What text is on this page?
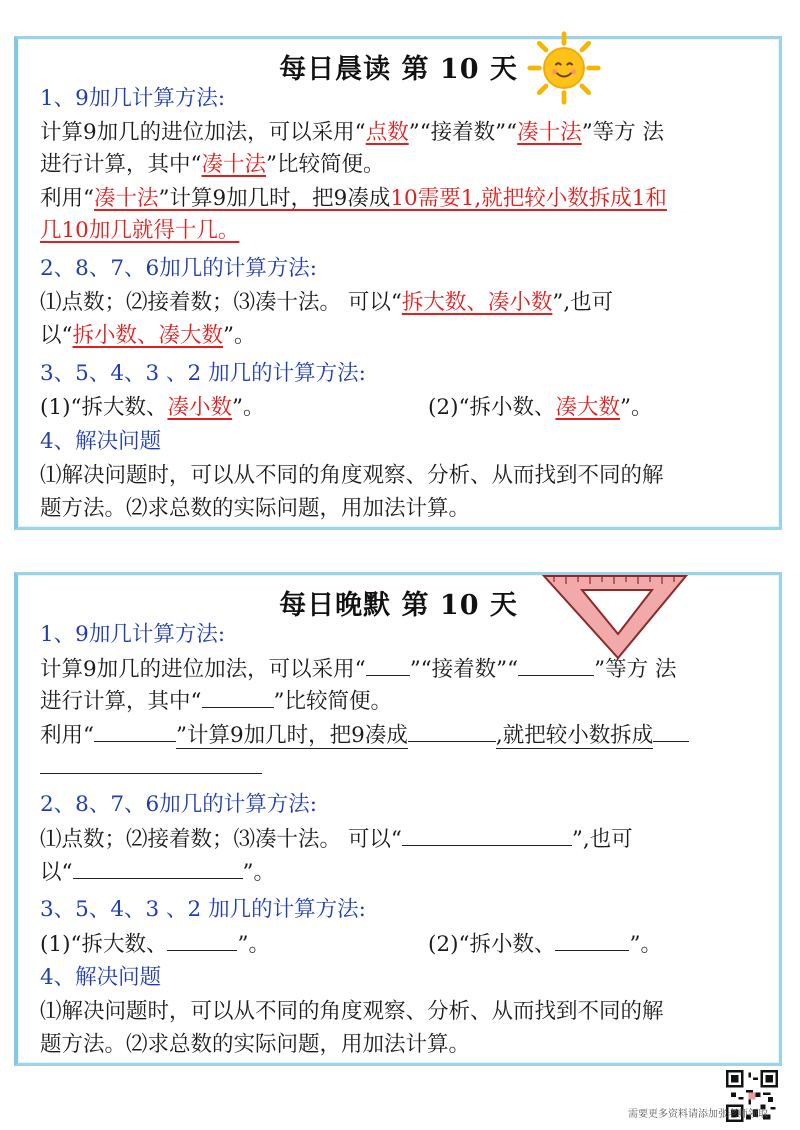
每日晨读 第 10 天
1、9加几计算方法:
计算9加几的进位加法，可以采用“点数”“接着数”“凑十法”等方 法
进行计算，其中“凑十法”比较简便。
利用“凑十法”计算9加几时，把9凑成10需要1,就把较小数拆成1和
几10加几就得十几。
2、8、7、6加几的计算方法:
⑴点数；⑵接着数；⑶凑十法。 可以“拆大数、凑小数”,也可
以“拆小数、凑大数”。
3、5、4、3 、2 加几的计算方法:
(1)“拆大数、凑小数”。	(2)“拆小数、凑大数”。
4、解决问题
⑴解决问题时，可以从不同的角度观察、分析、从而找到不同的解
题方法。⑵求总数的实际问题，用加法计算。
每日晚默 第 10 天
1、9加几计算方法:
计算9加几的进位加法，可以采用“ ”“接着数”“	”等方 法
进行计算，其中“	”比较简便。
利用“	”计算9加几时，把9凑成	,就把较小数拆成
2、8、7、6加几的计算方法:
⑴点数；⑵接着数；⑶凑十法。 可以“	”,也可
以“	”。
3、5、4、3 、2 加几的计算方法:
(1)“拆大数、	”。	(2)“拆小数、	”。
4、解决问题
⑴解决问题时，可以从不同的角度观察、分析、从而找到不同的解
题方法。⑵求总数的实际问题，用加法计算。
需要更多资料请添加张老师领取
